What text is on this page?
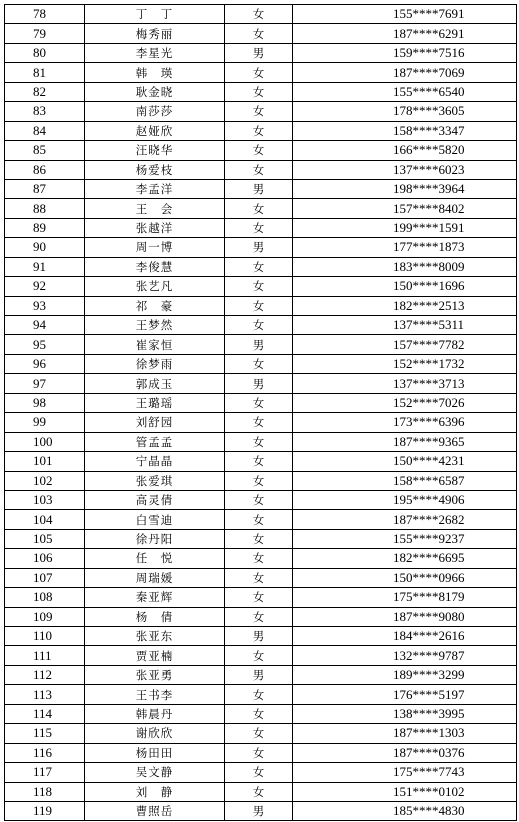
78	丁　丁	女	155****7691
79	梅秀丽	女	187****6291
80	李星光	男	159****7516
81	韩　瑛	女	187****7069
82	耿金晓	女	155****6540
83	南莎莎	女	178****3605
84	赵娅欣	女	158****3347
85	汪晓华	女	166****5820
86	杨爱枝	女	137****6023
87	李孟洋	男	198****3964
88	王　会	女	157****8402
89	张越洋	女	199****1591
90	周一博	男	177****1873
91	李俊慧	女	183****8009
92	张艺凡	女	150****1696
93	祁　豪	女	182****2513
94	王梦然	女	137****5311
95	崔家恒	男	157****7782
96	徐梦雨	女	152****1732
97	郭成玉	男	137****3713
98	王璐瑶	女	152****7026
99	刘舒园	女	173****6396
100	管孟孟	女	187****9365
101	宁晶晶	女	150****4231
102	张爱琪	女	158****6587
103	高灵倩	女	195****4906
104	白雪迪	女	187****2682
105	徐丹阳	女	155****9237
106	任　悦	女	182****6695
107	周瑞媛	女	150****0966
108	秦亚辉	女	175****8179
109	杨　倩	女	187****9080
110	张亚东	男	184****2616
111	贾亚楠	女	132****9787
112	张亚勇	男	189****3299
113	王书李	女	176****5197
114	韩晨丹	女	138****3995
115	谢欣欣	女	187****1303
116	杨田田	女	187****0376
117	吴文静	女	175****7743
118	刘　静	女	151****0102
119	曹照岳	男	185****4830
